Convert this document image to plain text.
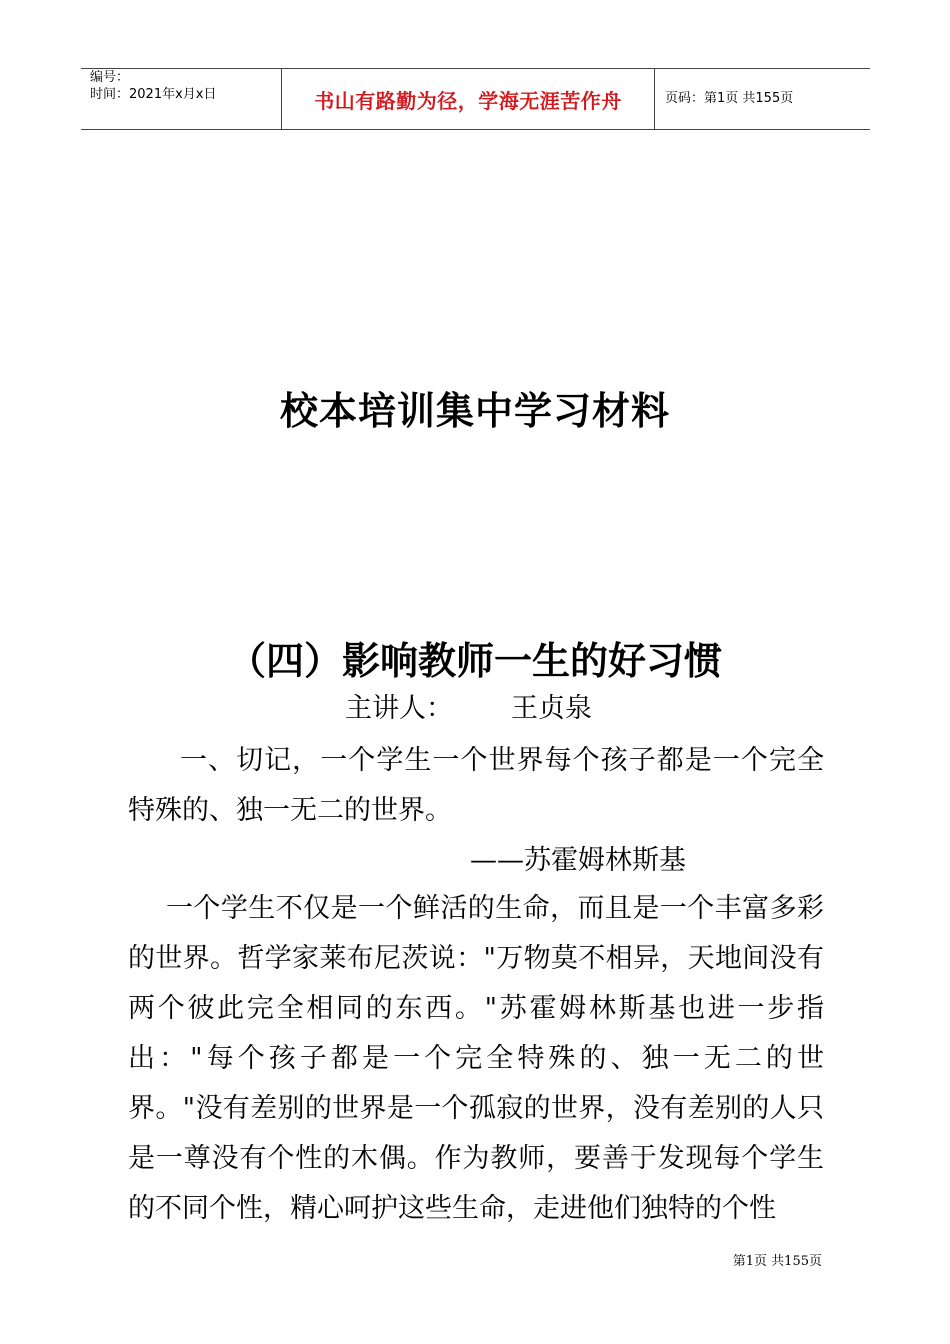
编号：
时间：2021年x月x日	书山有路勤为径，学海无涯苦作舟	页码：第1页 共155页
校本培训集中学习材料
（四）影响教师一生的好习惯
主讲人： 王贞泉
一、切记，一个学生一个世界每个孩子都是一个完全特殊的、独一无二的世界。
——苏霍姆林斯基
一个学生不仅是一个鲜活的生命，而且是一个丰富多彩的世界。哲学家莱布尼茨说："万物莫不相异，天地间没有两个彼此完全相同的东西。"苏霍姆林斯基也进一步指出："每个孩子都是一个完全特殊的、独一无二的世界。"没有差别的世界是一个孤寂的世界，没有差别的人只是一尊没有个性的木偶。作为教师，要善于发现每个学生的不同个性，精心呵护这些生命，走进他们独特的个性
第1页 共155页
